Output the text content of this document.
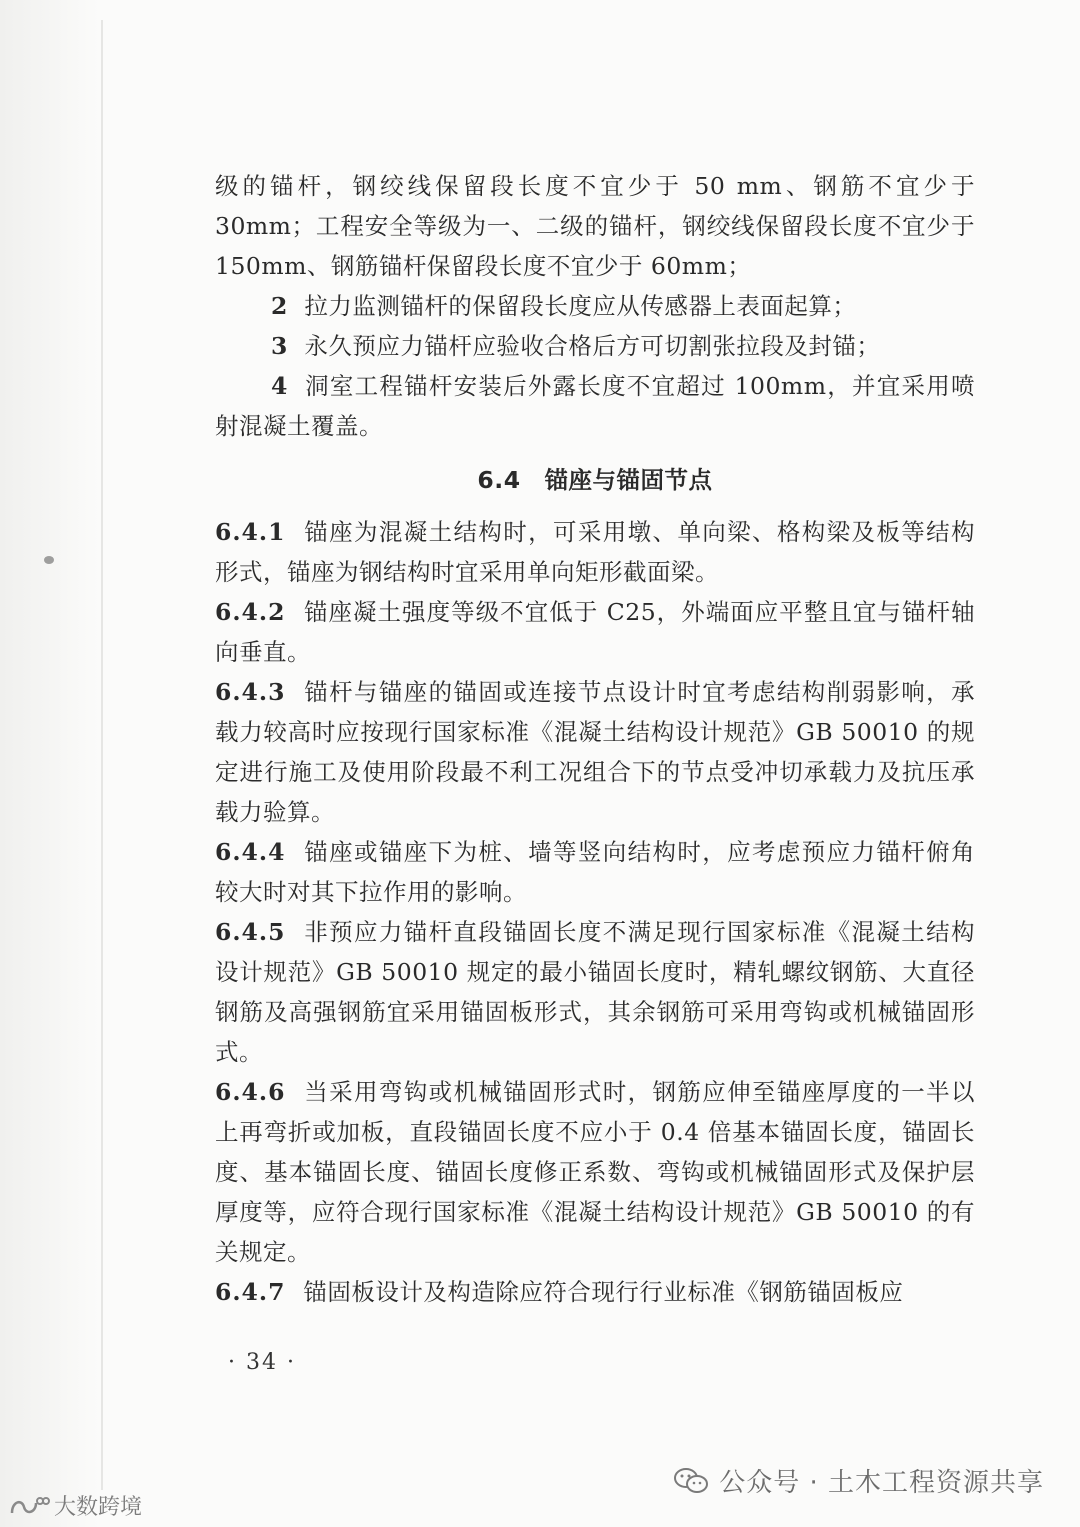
级的锚杆，钢绞线保留段长度不宜少于 50 mm、钢筋不宜少于30mm；工程安全等级为一、二级的锚杆，钢绞线保留段长度不宜少于 150mm、钢筋锚杆保留段长度不宜少于 60mm；

2 拉力监测锚杆的保留段长度应从传感器上表面起算；

3 永久预应力锚杆应验收合格后方可切割张拉段及封锚；

4 洞室工程锚杆安装后外露长度不宜超过 100mm，并宜采用喷射混凝土覆盖。

6.4 锚座与锚固节点

6.4.1 锚座为混凝土结构时，可采用墩、单向梁、格构梁及板等结构形式，锚座为钢结构时宜采用单向矩形截面梁。

6.4.2 锚座凝土强度等级不宜低于 C25，外端面应平整且宜与锚杆轴向垂直。

6.4.3 锚杆与锚座的锚固或连接节点设计时宜考虑结构削弱影响，承载力较高时应按现行国家标准《混凝土结构设计规范》GB 50010 的规定进行施工及使用阶段最不利工况组合下的节点受冲切承载力及抗压承载力验算。

6.4.4 锚座或锚座下为桩、墙等竖向结构时，应考虑预应力锚杆俯角较大时对其下拉作用的影响。

6.4.5 非预应力锚杆直段锚固长度不满足现行国家标准《混凝土结构设计规范》GB 50010 规定的最小锚固长度时，精轧螺纹钢筋、大直径钢筋及高强钢筋宜采用锚固板形式，其余钢筋可采用弯钩或机械锚固形式。

6.4.6 当采用弯钩或机械锚固形式时，钢筋应伸至锚座厚度的一半以上再弯折或加板，直段锚固长度不应小于 0.4 倍基本锚固长度，锚固长度、基本锚固长度、锚固长度修正系数、弯钩或机械锚固形式及保护层厚度等，应符合现行国家标准《混凝土结构设计规范》GB 50010 的有关规定。

6.4.7 锚固板设计及构造除应符合现行行业标准《钢筋锚固板应

· 34 ·
公众号 · 土木工程资源共享
大数跨境
